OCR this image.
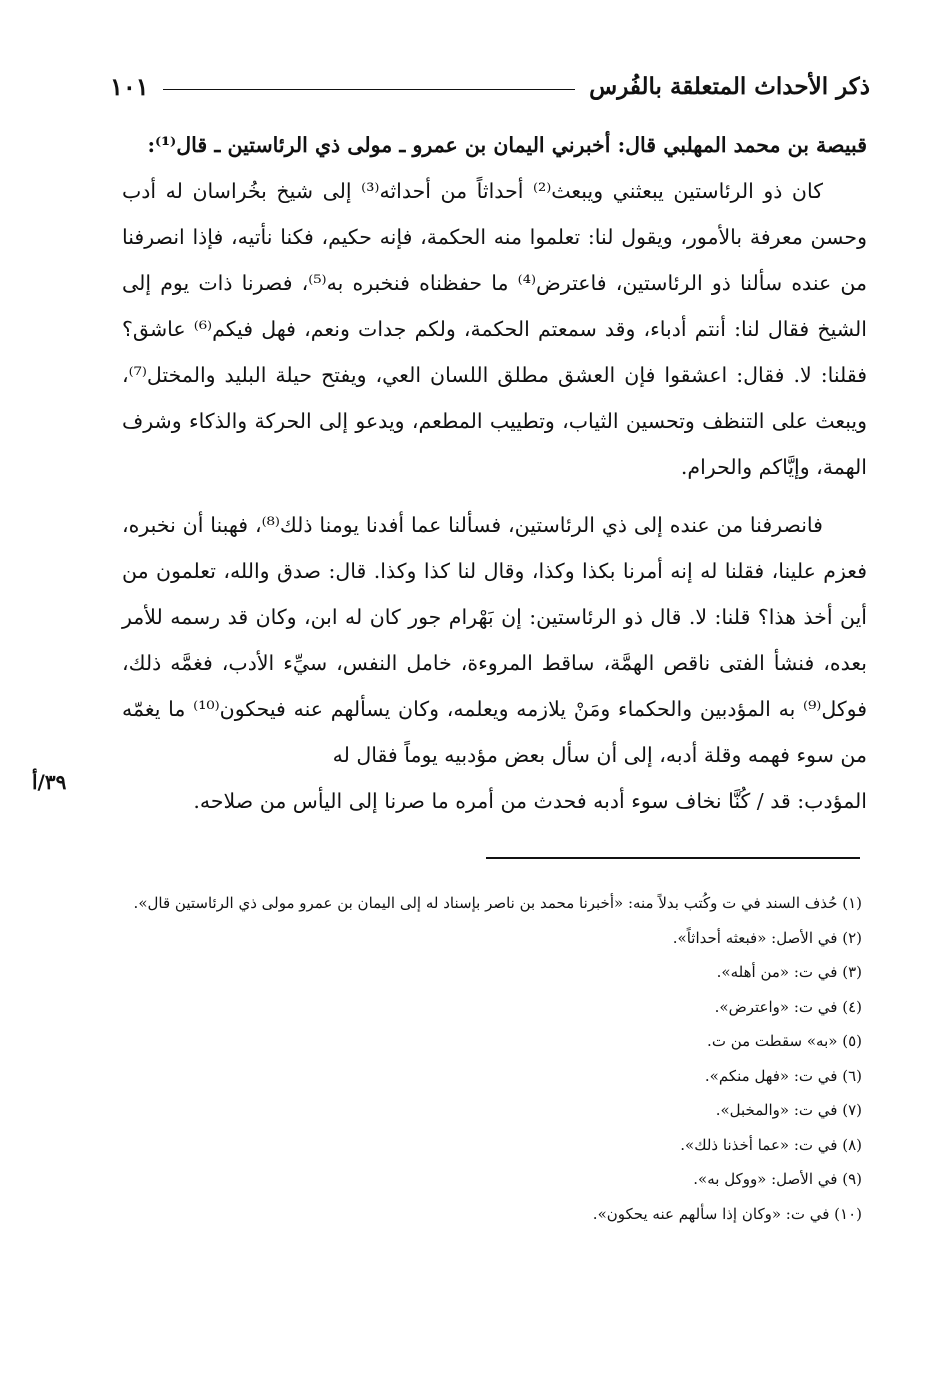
ذكر الأحداث المتعلقة بالفُرس
١٠١

قبيصة بن محمد المهلبي قال: أخبرني اليمان بن عمرو ـ مولى ذي الرئاستين ـ قال⁽¹⁾:

كان ذو الرئاستين يبعثني ويبعث⁽²⁾ أحداثاً من أحداثه⁽³⁾ إلى شيخ بخُراسان له أدب وحسن معرفة بالأمور، ويقول لنا: تعلموا منه الحكمة، فإنه حكيم، فكنا نأتيه، فإذا انصرفنا من عنده سألنا ذو الرئاستين، فاعترض⁽⁴⁾ ما حفظناه فنخبره به⁽⁵⁾، فصرنا ذات يوم إلى الشيخ فقال لنا: أنتم أدباء، وقد سمعتم الحكمة، ولكم جدات ونعم، فهل فيكم⁽⁶⁾ عاشق؟ فقلنا: لا. فقال: اعشقوا فإن العشق مطلق اللسان العي، ويفتح حيلة البليد والمختل⁽⁷⁾، ويبعث على التنظف وتحسين الثياب، وتطييب المطعم، ويدعو إلى الحركة والذكاء وشرف الهمة، وإيَّاكم والحرام.

فانصرفنا من عنده إلى ذي الرئاستين، فسألنا عما أفدنا يومنا ذلك⁽⁸⁾، فهبنا أن نخبره، فعزم علينا، فقلنا له إنه أمرنا بكذا وكذا، وقال لنا كذا وكذا. قال: صدق والله، تعلمون من أين أخذ هذا؟ قلنا: لا. قال ذو الرئاستين: إن بَهْرام جور كان له ابن، وكان قد رسمه للأمر بعده، فنشأ الفتى ناقص الهمَّة، ساقط المروءة، خامل النفس، سيِّء الأدب، فغمَّه ذلك، فوكل⁽⁹⁾ به المؤدبين والحكماء ومَنْ يلازمه ويعلمه، وكان يسألهم عنه فيحكون⁽¹⁰⁾ ما يغمّه من سوء فهمه وقلة أدبه، إلى أن سأل بعض مؤدبيه يوماً فقال له

المؤدب: قد / كُنَّا نخاف سوء أدبه فحدث من أمره ما صرنا إلى اليأس من صلاحه.

٣٩/أ

(١) حُذف السند في ت وكُتب بدلاً منه: «أخبرنا محمد بن ناصر بإسناد له إلى اليمان بن عمرو مولى ذي الرئاستين قال».

(٢) في الأصل: «فبعثه أحداثاً».

(٣) في ت: «من أهله».

(٤) في ت: «واعترض».

(٥) «به» سقطت من ت.

(٦) في ت: «فهل منكم».

(٧) في ت: «والمخبل».

(٨) في ت: «عما أخذنا ذلك».

(٩) في الأصل: «ووكل به».

(١٠) في ت: «وكان إذا سألهم عنه يحكون».
